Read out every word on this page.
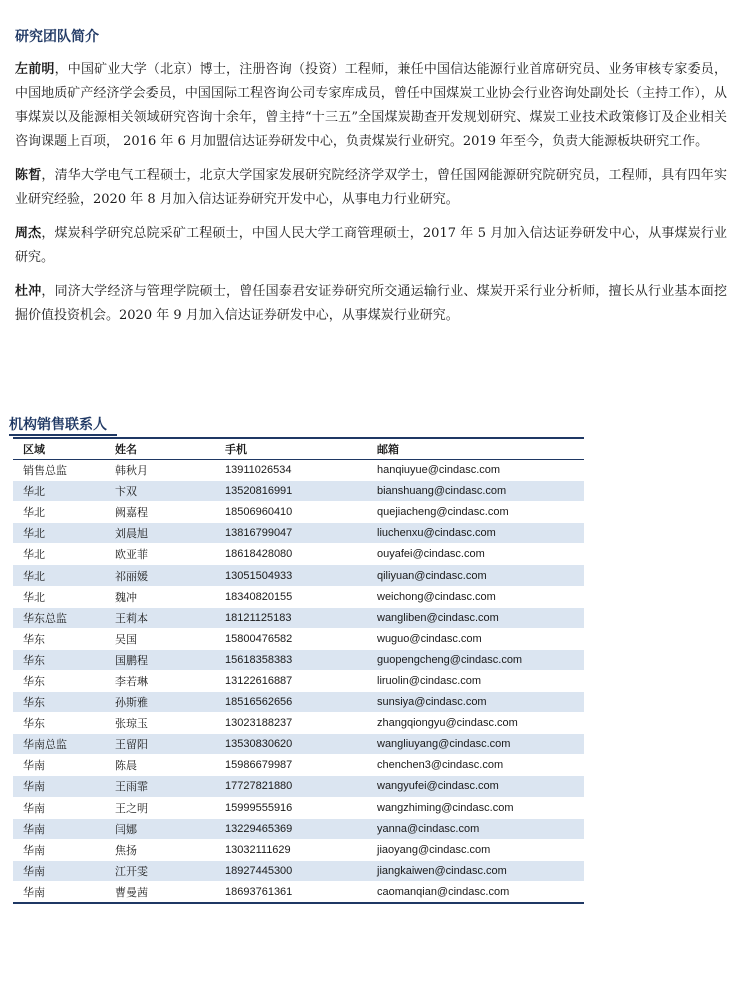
研究团队简介

左前明，中国矿业大学（北京）博士，注册咨询（投资）工程师，兼任中国信达能源行业首席研究员、业务审核专家委员，中国地质矿产经济学会委员，中国国际工程咨询公司专家库成员，曾任中国煤炭工业协会行业咨询处副处长（主持工作），从事煤炭以及能源相关领域研究咨询十余年，曾主持“十三五”全国煤炭勘查开发规划研究、煤炭工业技术政策修订及企业相关咨询课题上百项， 2016 年 6 月加盟信达证券研发中心，负责煤炭行业研究。2019 年至今，负责大能源板块研究工作。

陈晳，清华大学电气工程硕士，北京大学国家发展研究院经济学双学士，曾任国网能源研究院研究员，工程师，具有四年实业研究经验，2020 年 8 月加入信达证券研究开发中心，从事电力行业研究。

周杰，煤炭科学研究总院采矿工程硕士，中国人民大学工商管理硕士，2017 年 5 月加入信达证券研发中心，从事煤炭行业研究。

杜冲，同济大学经济与管理学院硕士，曾任国泰君安证券研究所交通运输行业、煤炭开采行业分析师，擅长从行业基本面挖掘价值投资机会。2020 年 9 月加入信达证券研发中心，从事煤炭行业研究。

机构销售联系人
区域	姓名	手机	邮箱
销售总监	韩秋月	13911026534	hanqiuyue@cindasc.com
华北	卞双	13520816991	bianshuang@cindasc.com
华北	阙嘉程	18506960410	quejiacheng@cindasc.com
华北	刘晨旭	13816799047	liuchenxu@cindasc.com
华北	欧亚菲	18618428080	ouyafei@cindasc.com
华北	祁丽媛	13051504933	qiliyuan@cindasc.com
华北	魏冲	18340820155	weichong@cindasc.com
华东总监	王莉本	18121125183	wangliben@cindasc.com
华东	吴国	15800476582	wuguo@cindasc.com
华东	国鹏程	15618358383	guopengcheng@cindasc.com
华东	李若琳	13122616887	liruolin@cindasc.com
华东	孙斯雅	18516562656	sunsiya@cindasc.com
华东	张琼玉	13023188237	zhangqiongyu@cindasc.com
华南总监	王留阳	13530830620	wangliuyang@cindasc.com
华南	陈晨	15986679987	chenchen3@cindasc.com
华南	王雨霏	17727821880	wangyufei@cindasc.com
华南	王之明	15999555916	wangzhiming@cindasc.com
华南	闫娜	13229465369	yanna@cindasc.com
华南	焦扬	13032111629	jiaoyang@cindasc.com
华南	江开雯	18927445300	jiangkaiwen@cindasc.com
华南	曹曼茜	18693761361	caomanqian@cindasc.com
